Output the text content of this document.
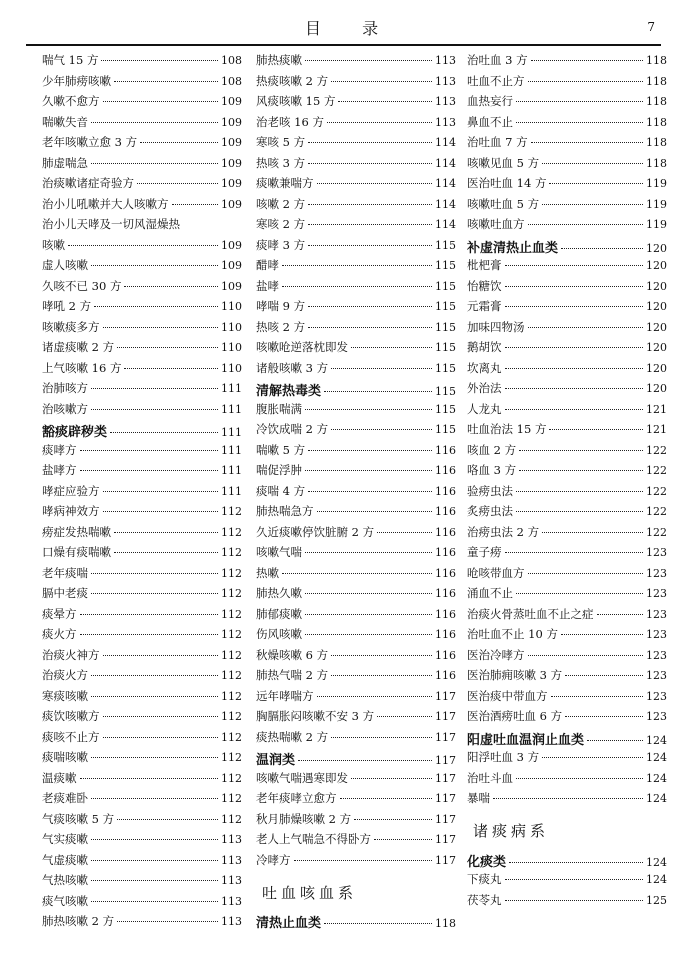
目 录	7
喘气 15 方	108
少年肺痨咳嗽	108
久嗽不愈方	109
喘嗽失音	109
老年咳嗽立愈 3 方	109
肺虚喘急	109
治痰嗽诸症奇验方	109
治小儿吼嗽并大人咳嗽方	109
治小儿天哮及一切风湿燥热
咳嗽	109
虚人咳嗽	109
久咳不已 30 方	109
哮吼 2 方	110
咳嗽痰多方	110
诸虚痰嗽 2 方	110
上气咳嗽 16 方	110
治肺咳方	111
治咳嗽方	111
豁痰辟秽类	111
痰哮方	111
盐哮方	111
哮症应验方	111
哮病神效方	112
痨症发热喘嗽	112
口燥有痰喘嗽	112
老年痰喘	112
膈中老痰	112
痰晕方	112
痰火方	112
治痰火神方	112
治痰火方	112
寒痰咳嗽	112
痰饮咳嗽方	112
痰咳不止方	112
痰喘咳嗽	112
温痰嗽	112
老痰难卧	112
气痰咳嗽 5 方	112
气实痰嗽	113
气虚痰嗽	113
气热咳嗽	113
痰气咳嗽	113
肺热咳嗽 2 方	113
肺热痰嗽	113
热痰咳嗽 2 方	113
风痰咳嗽 15 方	113
治老咳 16 方	113
寒咳 5 方	114
热咳 3 方	114
痰嗽兼喘方	114
咳嗽 2 方	114
寒咳 2 方	114
痰哮 3 方	115
醋哮	115
盐哮	115
哮喘 9 方	115
热咳 2 方	115
咳嗽呛逆落枕即发	115
诸般咳嗽 3 方	115
清解热毒类	115
腹胀喘满	115
冷饮成喘 2 方	115
喘嗽 5 方	116
喘促浮肿	116
痰喘 4 方	116
肺热喘急方	116
久近痰嗽停饮脏腑 2 方	116
咳嗽气喘	116
热嗽	116
肺热久嗽	116
肺郁痰嗽	116
伤风咳嗽	116
秋燥咳嗽 6 方	116
肺热气喘 2 方	116
远年哮喘方	117
胸膈胀闷咳嗽不安 3 方	117
痰热喘嗽 2 方	117
温润类	117
咳嗽气喘遇寒即发	117
老年痰哮立愈方	117
秋月肺燥咳嗽 2 方	117
老人上气喘急不得卧方	117
冷哮方	117
吐血咳血系
清热止血类	118
治吐血 3 方	118
吐血不止方	118
血热妄行	118
鼻血不止	118
治吐血 7 方	118
咳嗽见血 5 方	118
医治吐血 14 方	119
咳嗽吐血 5 方	119
咳嗽吐血方	119
补虚清热止血类	120
枇杷膏	120
怡糖饮	120
元霜膏	120
加味四物汤	120
鹅胡饮	120
坎离丸	120
外治法	120
人龙丸	121
吐血治法 15 方	121
咳血 2 方	122
咯血 3 方	122
验痨虫法	122
炙痨虫法	122
治痨虫法 2 方	122
童子痨	123
呛咳带血方	123
涌血不止	123
治痰火骨蒸吐血不止之症	123
治吐血不止 10 方	123
医治冷哮方	123
医治肺痈咳嗽 3 方	123
医治痰中带血方	123
医治酒痨吐血 6 方	123
阳虚吐血温润止血类	124
阳浮吐血 3 方	124
治吐斗血	124
暴喘	124
诸痰病系
化痰类	124
下痰丸	124
茯苓丸	125
